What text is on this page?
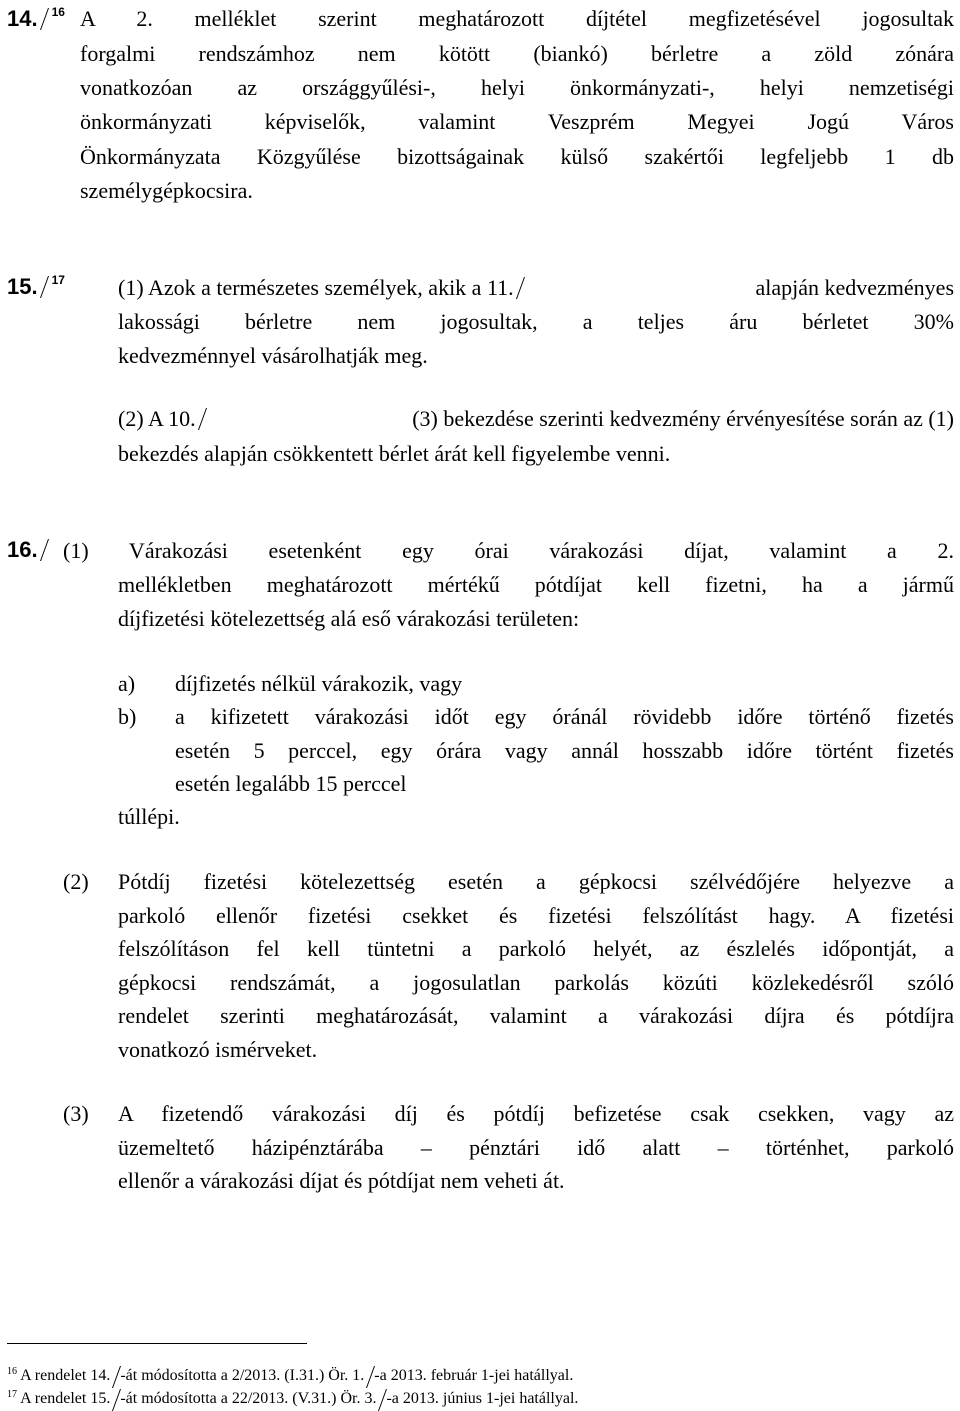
14. $^{16}$ A 2. melléklet szerint meghatározott díjtétel megfizetésével jogosultak
forgalmi rendszámhoz nem kötött (biankó) bérletre a zöld zónára
vonatkozóan az országgyűlési-, helyi önkormányzati-, helyi nemzetiségi
önkormányzati képviselők, valamint Veszprém Megyei Jogú Város
Önkormányzata Közgyűlése bizottságainak külső szakértői legfeljebb 1 db
személygépkocsira.
15. $^{17}$ (1) Azok a természetes személyek, akik a 11.	alapján kedvezményes
lakossági bérletre nem jogosultak, a teljes áru bérletet 30%
kedvezménnyel vásárolhatják meg.
(2) A 10.	(3) bekezdése szerinti kedvezmény érvényesítése során az (1)
bekezdés alapján csökkentett bérlet árát kell figyelembe venni.
16.	(1) Várakozási esetenként egy órai várakozási díjat, valamint a 2.
mellékletben meghatározott mértékű pótdíjat kell fizetni, ha a jármű
díjfizetési kötelezettség alá eső várakozási területen:
a) díjfizetés nélkül várakozik, vagy
b) a kifizetett várakozási időt egy óránál rövidebb időre történő fizetés
esetén 5 perccel, egy órára vagy annál hosszabb időre történt fizetés
esetén legalább 15 perccel
túllépi.
(2) Pótdíj fizetési kötelezettség esetén a gépkocsi szélvédőjére helyezve a
parkoló ellenőr fizetési csekket és fizetési felszólítást hagy. A fizetési
felszólításon fel kell tüntetni a parkoló helyét, az észlelés időpontját, a
gépkocsi rendszámát, a jogosulatlan parkolás közúti közlekedésről szóló
rendelet szerinti meghatározását, valamint a várakozási díjra és pótdíjra
vonatkozó ismérveket.
(3) A fizetendő várakozási díj és pótdíj befizetése csak csekken, vagy az
üzemeltető házipénztárába – pénztári idő alatt – történhet, parkoló
ellenőr a várakozási díjat és pótdíjat nem veheti át.
$^{16}$ A rendelet 14. -át módosította a 2/2013. (I.31.) Ör. 1. -a 2013. február 1-jei hatállyal.
$^{17}$ A rendelet 15. -át módosította a 22/2013. (V.31.) Ör. 3. -a 2013. június 1-jei hatállyal.
